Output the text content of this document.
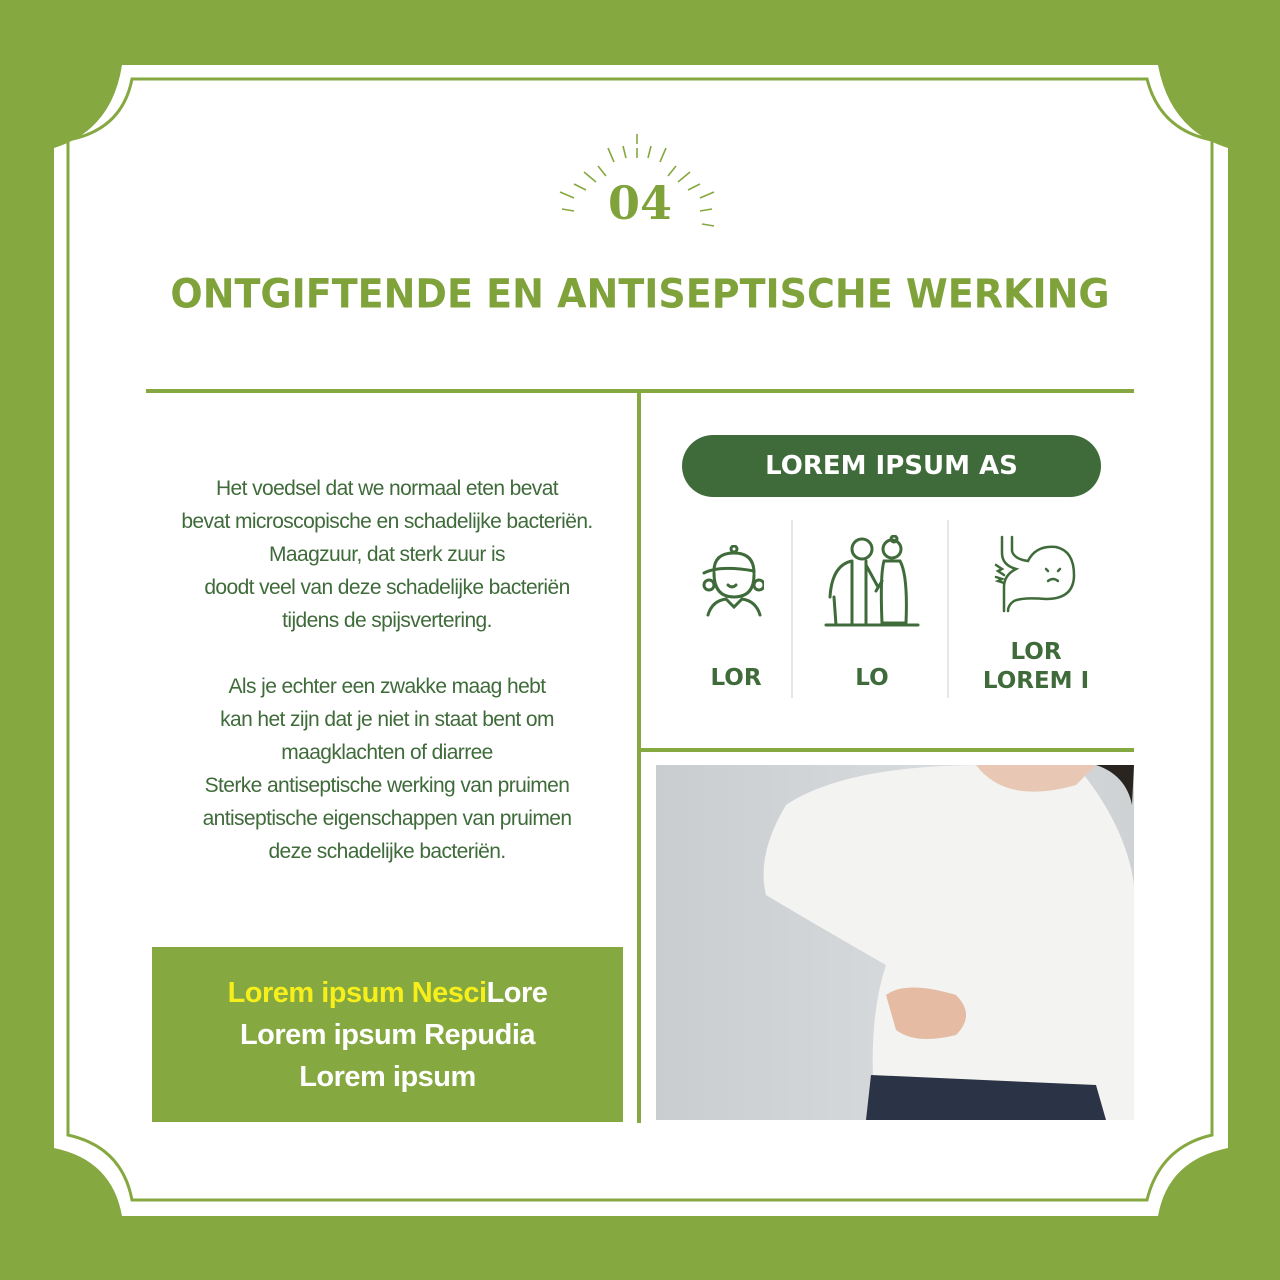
04
ONTGIFTENDE EN ANTISEPTISCHE WERKING

Het voedsel dat we normaal eten bevat
bevat microscopische en schadelijke bacteriën.
Maagzuur, dat sterk zuur is
doodt veel van deze schadelijke bacteriën
tijdens de spijsvertering.

Als je echter een zwakke maag hebt
kan het zijn dat je niet in staat bent om
maagklachten of diarree
Sterke antiseptische werking van pruimen
antiseptische eigenschappen van pruimen
deze schadelijke bacteriën.

Lorem ipsum NesciLore
Lorem ipsum Repudia
Lorem ipsum
LOREM IPSUM AS
LOR	LO
LOR
LOREM I
